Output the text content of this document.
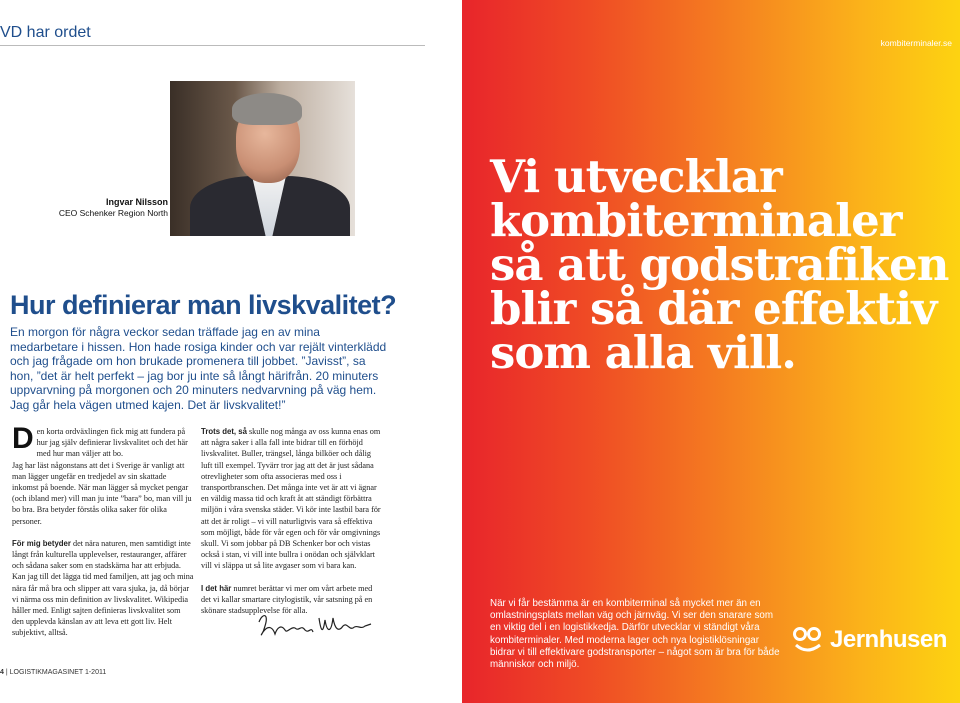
VD har ordet
Ingvar Nilsson
CEO Schenker Region North
Hur definierar man livskvalitet?
En morgon för några veckor sedan träffade jag en av mina medarbetare i hissen. Hon hade rosiga kinder och var rejält vinterklädd och jag frågade om hon brukade promenera till jobbet. ”Javisst”, sa hon, ”det är helt perfekt – jag bor ju inte så långt härifrån. 20 minuters uppvarvning på morgonen och 20 minuters nedvarvning på väg hem. Jag går hela vägen utmed kajen. Det är livskvalitet!”

Den korta ordväxlingen fick mig att fundera på hur jag själv definierar livskvalitet och det här med hur man väljer att bo.

Jag har läst någonstans att det i Sverige är vanligt att man lägger ungefär en tredjedel av sin skattade inkomst på boende. När man lägger så mycket pengar (och ibland mer) vill man ju inte ”bara” bo, man vill ju bo bra. Bra betyder förstås olika saker för olika personer.

För mig betyder det nära naturen, men samtidigt inte långt från kulturella upplevelser, restauranger, affärer och sådana saker som en stadskärna har att erbjuda. Kan jag till det lägga tid med familjen, att jag och mina nära får må bra och slipper att vara sjuka, ja, då börjar vi närma oss min definition av livskvalitet. Wikipedia håller med. Enligt sajten definieras livskvalitet som den upplevda känslan av att leva ett gott liv. Helt subjektivt, alltså.

Trots det, så skulle nog många av oss kunna enas om att några saker i alla fall inte bidrar till en förhöjd livskvalitet. Buller, trängsel, långa bilköer och dålig luft till exempel. Tyvärr tror jag att det är just sådana otrevligheter som ofta associeras med oss i transportbranschen. Det många inte vet är att vi ägnar en väldig massa tid och kraft åt att ständigt förbättra miljön i våra svenska städer. Vi kör inte lastbil bara för att det är roligt – vi vill naturligtvis vara så effektiva som möjligt, både för vår egen och för vår omgivnings skull. Vi som jobbar på DB Schenker bor och vistas också i stan, vi vill inte bullra i onödan och självklart vill vi släppa ut så lite avgaser som vi bara kan.

I det här numret berättar vi mer om vårt arbete med det vi kallar smartare citylogistik, vår satsning på en skönare stadsupplevelse för alla.

4 | LOGISTIKMAGASINET 1-2011
Vi utvecklar
kombiterminaler
så att godstrafiken
blir så där effektiv
som alla vill.
När vi får bestämma är en kombiterminal så mycket mer än en omlastningsplats mellan väg och järnväg. Vi ser den snarare som en viktig del i en logistikkedja. Därför utvecklar vi ständigt våra kombiterminaler. Med moderna lager och nya logistiklösningar bidrar vi till effektivare godstransporter – något som är bra för både människor och miljö.
Jernhusen
kombiterminaler.se
